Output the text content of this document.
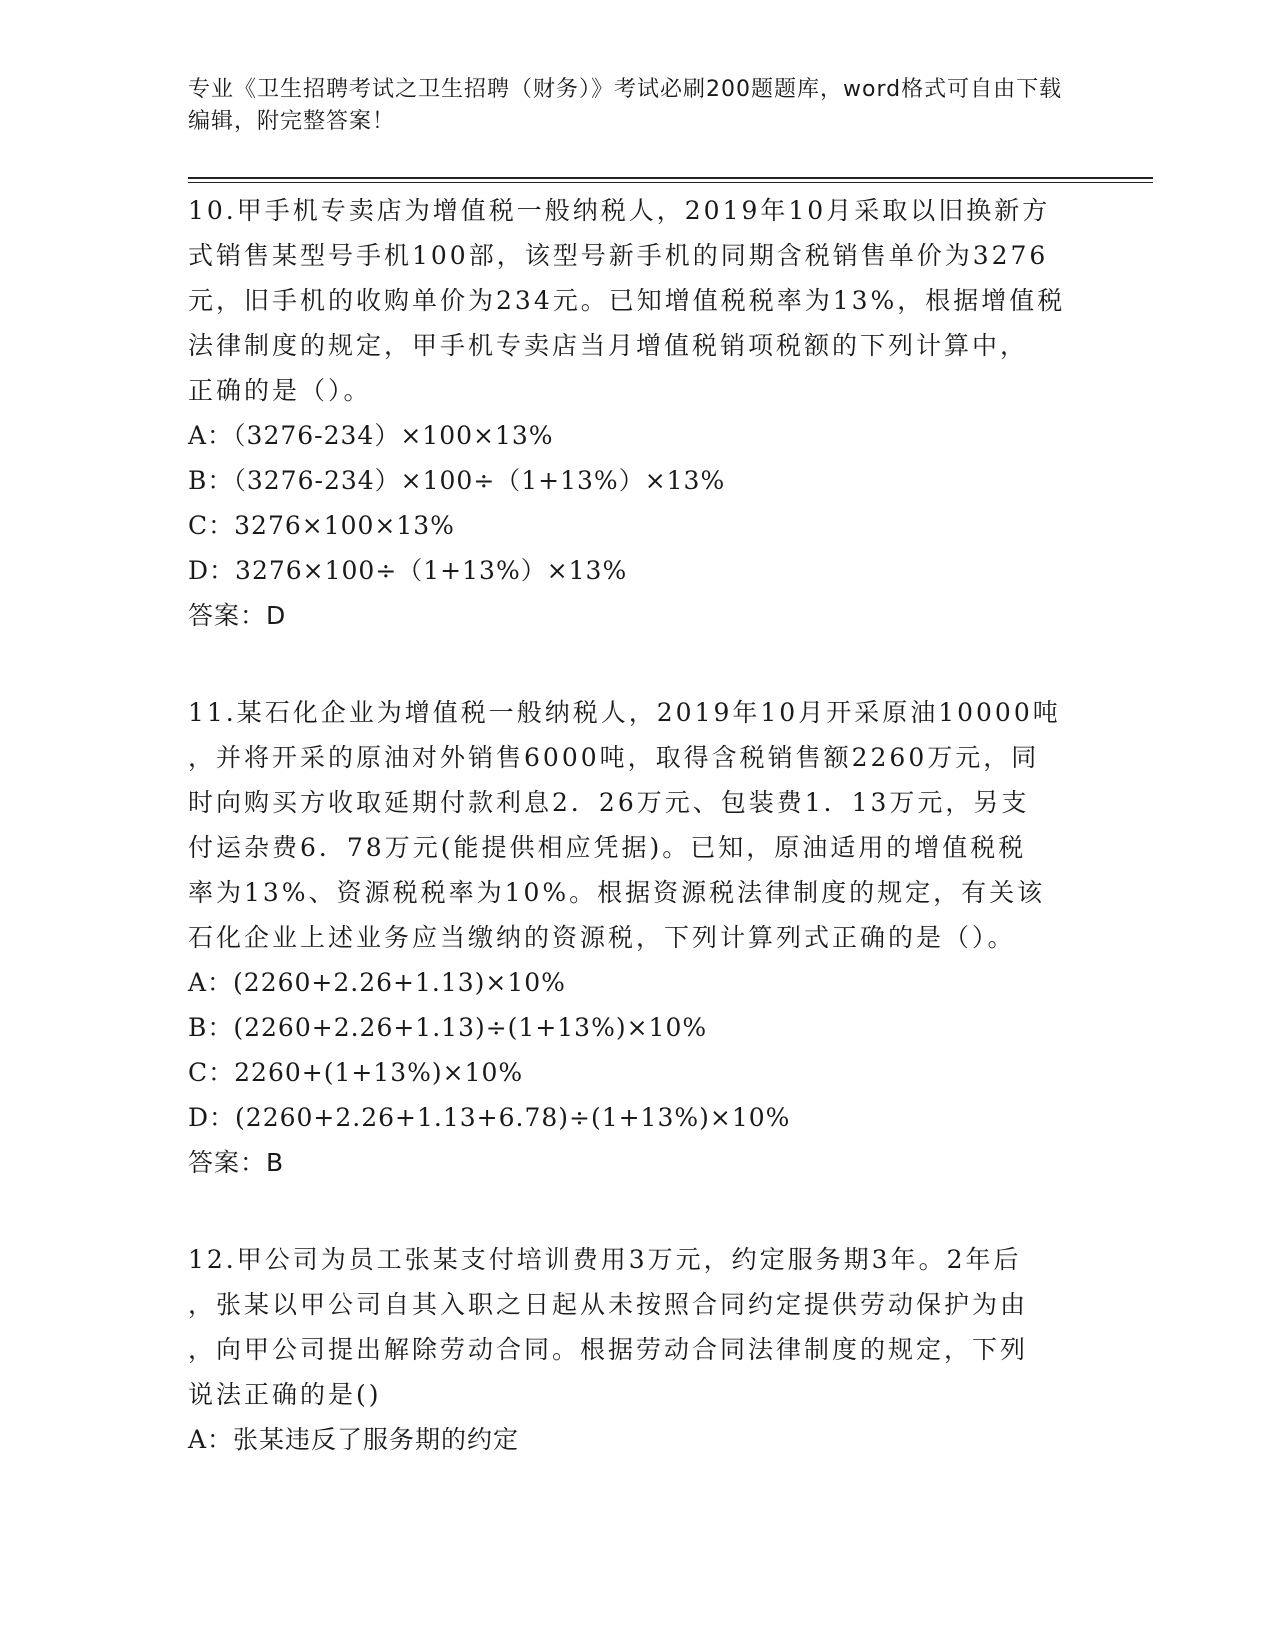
专业《卫生招聘考试之卫生招聘（财务）》考试必刷200题题库，word格式可自由下载编辑，附完整答案！

10.甲手机专卖店为增值税一般纳税人，2019年10月采取以旧换新方

式销售某型号手机100部，该型号新手机的同期含税销售单价为3276

元，旧手机的收购单价为234元。已知增值税税率为13%，根据增值税

法律制度的规定，甲手机专卖店当月增值税销项税额的下列计算中，

正确的是（）。

A：（3276-234）×100×13%

B：（3276-234）×100÷（1+13%）×13%

C：3276×100×13%

D：3276×100÷（1+13%）×13%

答案：D

11.某石化企业为增值税一般纳税人，2019年10月开采原油10000吨

，并将开采的原油对外销售6000吨，取得含税销售额2260万元，同

时向购买方收取延期付款利息2．26万元、包装费1．13万元，另支

付运杂费6．78万元(能提供相应凭据)。已知，原油适用的增值税税

率为13%、资源税税率为10%。根据资源税法律制度的规定，有关该

石化企业上述业务应当缴纳的资源税，下列计算列式正确的是（）。

A：(2260+2.26+1.13)×10%

B：(2260+2.26+1.13)÷(1+13%)×10%

C：2260+(1+13%)×10%

D：(2260+2.26+1.13+6.78)÷(1+13%)×10%

答案：B

12.甲公司为员工张某支付培训费用3万元，约定服务期3年。2年后

，张某以甲公司自其入职之日起从未按照合同约定提供劳动保护为由

，向甲公司提出解除劳动合同。根据劳动合同法律制度的规定，下列

说法正确的是()

A：张某违反了服务期的约定
